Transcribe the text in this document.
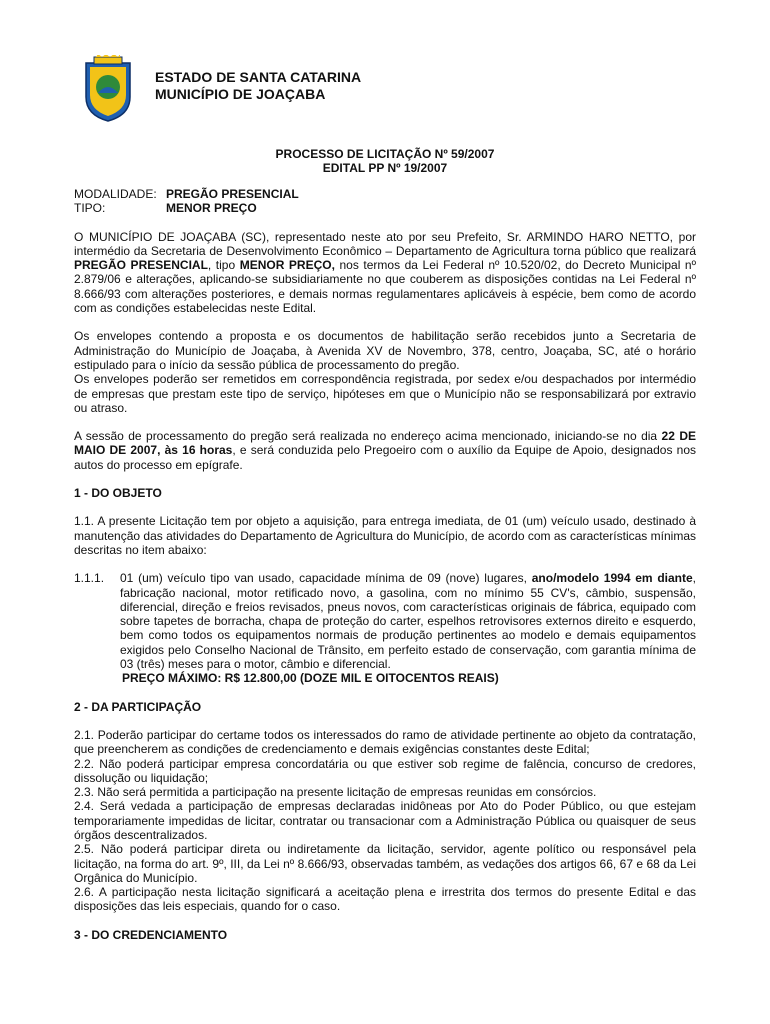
ESTADO DE SANTA CATARINA
MUNICÍPIO DE JOAÇABA
PROCESSO DE LICITAÇÃO Nº 59/2007
EDITAL PP Nº 19/2007
MODALIDADE: PREGÃO PRESENCIAL
TIPO:	MENOR PREÇO

O MUNICÍPIO DE JOAÇABA (SC), representado neste ato por seu Prefeito, Sr. ARMINDO HARO NETTO, por intermédio da Secretaria de Desenvolvimento Econômico – Departamento de Agricultura torna público que realizará PREGÃO PRESENCIAL, tipo MENOR PREÇO, nos termos da Lei Federal nº 10.520/02, do Decreto Municipal nº 2.879/06 e alterações, aplicando-se subsidiariamente no que couberem as disposições contidas na Lei Federal nº 8.666/93 com alterações posteriores, e demais normas regulamentares aplicáveis à espécie, bem como de acordo com as condições estabelecidas neste Edital.

Os envelopes contendo a proposta e os documentos de habilitação serão recebidos junto a Secretaria de Administração do Município de Joaçaba, à Avenida XV de Novembro, 378, centro, Joaçaba, SC, até o horário estipulado para o início da sessão pública de processamento do pregão.

Os envelopes poderão ser remetidos em correspondência registrada, por sedex e/ou despachados por intermédio de empresas que prestam este tipo de serviço, hipóteses em que o Município não se responsabilizará por extravio ou atraso.

A sessão de processamento do pregão será realizada no endereço acima mencionado, iniciando-se no dia 22 DE MAIO DE 2007, às 16 horas, e será conduzida pelo Pregoeiro com o auxílio da Equipe de Apoio, designados nos autos do processo em epígrafe.

1 - DO OBJETO

1.1. A presente Licitação tem por objeto a aquisição, para entrega imediata, de 01 (um) veículo usado, destinado à manutenção das atividades do Departamento de Agricultura do Município, de acordo com as características mínimas descritas no item abaixo:

1.1.1.	01 (um) veículo tipo van usado, capacidade mínima de 09 (nove) lugares, ano/modelo 1994 em diante, fabricação nacional, motor retificado novo, a gasolina, com no mínimo 55 CV's, câmbio, suspensão, diferencial, direção e freios revisados, pneus novos, com características originais de fábrica, equipado com sobre tapetes de borracha, chapa de proteção do carter, espelhos retrovisores externos direito e esquerdo, bem como todos os equipamentos normais de produção pertinentes ao modelo e demais equipamentos exigidos pelo Conselho Nacional de Trânsito, em perfeito estado de conservação, com garantia mínima de 03 (três) meses para o motor, câmbio e diferencial.
PREÇO MÁXIMO: R$ 12.800,00 (DOZE MIL E OITOCENTOS REAIS)
2 - DA PARTICIPAÇÃO

2.1. Poderão participar do certame todos os interessados do ramo de atividade pertinente ao objeto da contratação, que preencherem as condições de credenciamento e demais exigências constantes deste Edital;

2.2. Não poderá participar empresa concordatária ou que estiver sob regime de falência, concurso de credores, dissolução ou liquidação;

2.3. Não será permitida a participação na presente licitação de empresas reunidas em consórcios.

2.4. Será vedada a participação de empresas declaradas inidôneas por Ato do Poder Público, ou que estejam temporariamente impedidas de licitar, contratar ou transacionar com a Administração Pública ou quaisquer de seus órgãos descentralizados.

2.5. Não poderá participar direta ou indiretamente da licitação, servidor, agente político ou responsável pela licitação, na forma do art. 9º, III, da Lei nº 8.666/93, observadas também, as vedações dos artigos 66, 67 e 68 da Lei Orgânica do Município.

2.6. A participação nesta licitação significará a aceitação plena e irrestrita dos termos do presente Edital e das disposições das leis especiais, quando for o caso.

3 - DO CREDENCIAMENTO
